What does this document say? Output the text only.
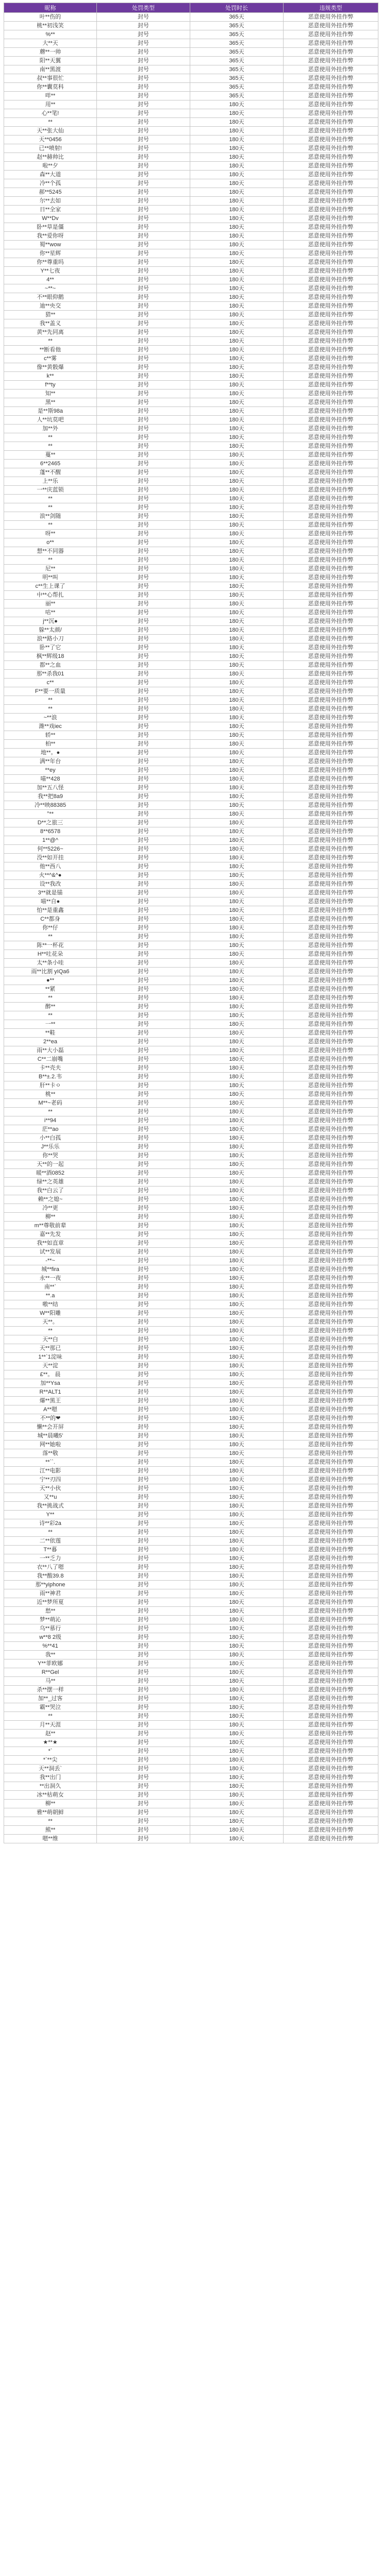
昵称	处罚类型	处罚时长	违规类型
叶**伤的	封号	365天	恶意使用外挂作弊
桃**初浅笑	封号	365天	恶意使用外挂作弊
%**	封号	365天	恶意使用外挂作弊
大**天	封号	365天	恶意使用外挂作弊
蘑**一帅	封号	365天	恶意使用外挂作弊
阳**天翼	封号	365天	恶意使用外挂作弊
南**黑渡	封号	365天	恶意使用外挂作弊
叔**事很忙	封号	365天	恶意使用外挂作弊
你**囊莫科	封号	365天	恶意使用外挂作弊
咩**	封号	365天	恶意使用外挂作弊
用**	封号	180天	恶意使用外挂作弊
心**笔!	封号	180天	恶意使用外挂作弊
**	封号	180天	恶意使用外挂作弊
天**张大仙	封号	180天	恶意使用外挂作弊
天**0456	封号	180天	恶意使用外挂作弊
已**喷射!	封号	180天	恶意使用外挂作弊
赵**赫帅比	封号	180天	恶意使用外挂作弊
啦**夕	封号	180天	恶意使用外挂作弊
森**大道	封号	180天	恶意使用外挂作弊
冷**个孤	封号	180天	恶意使用外挂作弊
郝**5245	封号	180天	恶意使用外挂作弊
尔**去如	封号	180天	恶意使用外挂作弊
日**全家	封号	180天	恶意使用外挂作弊
W**Dv	封号	180天	恶意使用外挂作弊
卧**草是僵	封号	180天	恶意使用外挂作弊
我**爱你呀	封号	180天	恶意使用外挂作弊
蜀**wow	封号	180天	恶意使用外挂作弊
你**星辉	封号	180天	恶意使用外挂作弊
你**尊重吗	封号	180天	恶意使用外挂作弊
Y**七夜	封号	180天	恶意使用外挂作弊
4**	封号	180天	恶意使用外挂作弊
~**~	封号	180天	恶意使用外挂作弊
不**眼仰鹅	封号	180天	恶意使用外挂作弊
迪**央交	封号	180天	恶意使用外挂作弊
猎**	封号	180天	恶意使用外挂作弊
我**盖义	封号	180天	恶意使用外挂作弊
黄**先同离	封号	180天	恶意使用外挂作弊
**	封号	180天	恶意使用外挂作弊
**断看他	封号	180天	恶意使用外挂作弊
c**雾	封号	180天	恶意使用外挂作弊
像**黄骰爆	封号	180天	恶意使用外挂作弊
k**	封号	180天	恶意使用外挂作弊
f**ty	封号	180天	恶意使用外挂作弊
知**	封号	180天	恶意使用外挂作弊
黑**	封号	180天	恶意使用外挂作弊
是**斯98a	封号	180天	恶意使用外挂作弊
人**坑莫吧	封号	180天	恶意使用外挂作弊
加**外	封号	180天	恶意使用外挂作弊
**	封号	180天	恶意使用外挂作弊
**	封号	180天	恶意使用外挂作弊
蔓**	封号	180天	恶意使用外挂作弊
6**2465	封号	180天	恶意使用外挂作弊
蓬**不醒	封号	180天	恶意使用外挂作弊
上**乐	封号	180天	恶意使用外挂作弊
一**庆蓝锁	封号	180天	恶意使用外挂作弊
**	封号	180天	恶意使用外挂作弊
**	封号	180天	恶意使用外挂作弊
浪**剑随	封号	180天	恶意使用外挂作弊
**	封号	180天	恶意使用外挂作弊
呀**	封号	180天	恶意使用外挂作弊
o**	封号	180天	恶意使用外挂作弊
想**不同器	封号	180天	恶意使用外挂作弊
**	封号	180天	恶意使用外挂作弊
尼**	封号	180天	恶意使用外挂作弊
明**叫	封号	180天	恶意使用外挂作弊
c**生上课了	封号	180天	恶意使用外挂作弊
中**心帮扎	封号	180天	恶意使用外挂作弊
丽**	封号	180天	恶意使用外挂作弊
咕**	封号	180天	恶意使用外挂作弊
j**沉●	封号	180天	恶意使用外挂作弊
躲**太颜/	封号	180天	恶意使用外挂作弊
浪**路小刀	封号	180天	恶意使用外挂作弊
卧**了它	封号	180天	恶意使用外挂作弊
枫**辉级18	封号	180天	恶意使用外挂作弊
都**之血	封号	180天	恶意使用外挂作弊
那**杀我01	封号	180天	恶意使用外挂作弊
c**	封号	180天	恶意使用外挂作弊
F**要一质量	封号	180天	恶意使用外挂作弊
**	封号	180天	恶意使用外挂作弊
**	封号	180天	恶意使用外挂作弊
~**浪	封号	180天	恶意使用外挂作弊
潍**戏iec	封号	180天	恶意使用外挂作弊
轿**	封号	180天	恶意使用外挂作弊
柏**	封号	180天	恶意使用外挂作弊
地**。●	封号	180天	恶意使用外挂作弊
满**年台	封号	180天	恶意使用外挂作弊
**ey	封号	180天	恶意使用外挂作弊
喵**428	封号	180天	恶意使用外挂作弊
加**五八怪	封号	180天	恶意使用外挂作弊
我**把8a9	封号	180天	恶意使用外挂作弊
冷**映88385	封号	180天	恶意使用外挂作弊
°**	封号	180天	恶意使用外挂作弊
D**之旅三	封号	180天	恶意使用外挂作弊
8**6578	封号	180天	恶意使用外挂作弊
1**@^	封号	180天	恶意使用外挂作弊
何**5226~	封号	180天	恶意使用外挂作弊
没**如开挂	封号	180天	恶意使用外挂作弊
他**西八	封号	180天	恶意使用外挂作弊
火**^&^●	封号	180天	恶意使用外挂作弊
设**我改	封号	180天	恶意使用外挂作弊
3**就是锚	封号	180天	恶意使用外挂作弊
喵**自●	封号	180天	恶意使用外挂作弊
怕**是重鑫	封号	180天	恶意使用外挂作弊
C**都身	封号	180天	恶意使用外挂作弊
你**仔	封号	180天	恶意使用外挂作弊
**	封号	180天	恶意使用外挂作弊
陈**一杯花	封号	180天	恶意使用外挂作弊
H**吐花朵	封号	180天	恶意使用外挂作弊
太**条小哇	封号	180天	恶意使用外挂作弊
雨**比割 yIQa6	封号	180天	恶意使用外挂作弊
●**	封号	180天	恶意使用外挂作弊
**紧	封号	180天	恶意使用外挂作弊
**	封号	180天	恶意使用外挂作弊
醉**	封号	180天	恶意使用外挂作弊
**	封号	180天	恶意使用外挂作弊
一**	封号	180天	恶意使用外挂作弊
**鞋	封号	180天	恶意使用外挂作弊
2**ea	封号	180天	恶意使用外挂作弊
雨**大小磊	封号	180天	恶意使用外挂作弊
C**二崩嘴	封号	180天	恶意使用外挂作弊
卡**壳夫	封号	180天	恶意使用外挂作弊
B**±.2.韦	封号	180天	恶意使用外挂作弊
肝**卡ㅇ	封号	180天	恶意使用外挂作弊
桃**	封号	180天	恶意使用外挂作弊
M**~老码	封号	180天	恶意使用外挂作弊
**	封号	180天	恶意使用外挂作弊
i**94	封号	180天	恶意使用外挂作弊
茫**ao	封号	180天	恶意使用外挂作弊
小**白孤	封号	180天	恶意使用外挂作弊
J**乐乐	封号	180天	恶意使用外挂作弊
你**哭	封号	180天	恶意使用外挂作弊
天**的一起	封号	180天	恶意使用外挂作弊
暖**酒0852	封号	180天	恶意使用外挂作弊
绿**之英雄	封号	180天	恶意使用外挂作弊
我**白云了	封号	180天	恶意使用外挂作弊
赖**之媳~	封号	180天	恶意使用外挂作弊
冷**更	封号	180天	恶意使用外挂作弊
柳**	封号	180天	恶意使用外挂作弊
m**尊敬前辈	封号	180天	恶意使用外挂作弊
嘉**先发	封号	180天	恶意使用外挂作弊
我**如直章	封号	180天	恶意使用外挂作弊
试**发展	封号	180天	恶意使用外挂作弊
-**~	封号	180天	恶意使用外挂作弊
城**fira	封号	180天	恶意使用外挂作弊
永**一夜	封号	180天	恶意使用外挂作弊
南**`	封号	180天	恶意使用外挂作弊
**.a	封号	180天	恶意使用外挂作弊
嗷**结	封号	180天	恶意使用外挂作弊
W**阳雕	封号	180天	恶意使用外挂作弊
天**。	封号	180天	恶意使用外挂作弊
**	封号	180天	恶意使用外挂作弊
天**白	封号	180天	恶意使用外挂作弊
天**那已	封号	180天	恶意使用外挂作弊
1**`1淀味	封号	180天	恶意使用外挂作弊
天**淀	封号	180天	恶意使用外挂作弊
£**。 晨	封号	180天	恶意使用外挂作弊
加**Ysa	封号	180天	恶意使用外挂作弊
R**ALT1	封号	180天	恶意使用外挂作弊
爆**黑王	封号	180天	恶意使用外挂作弊
A**嗯	封号	180天	恶意使用外挂作弊
不**的❤	封号	180天	恶意使用外挂作弊
懒**会开屏	封号	180天	恶意使用外挂作弊
城**晨曦5’	封号	180天	恶意使用外挂作弊
网**她啦	封号	180天	恶意使用外挂作弊
落**敬	封号	180天	恶意使用外挂作弊
**``.	封号	180天	恶意使用外挂作弊
江**电影	封号	180天	恶意使用外挂作弊
宁**刃四	封号	180天	恶意使用外挂作弊
天**小伙	封号	180天	恶意使用外挂作弊
又**u	封号	180天	恶意使用外挂作弊
我**挑战式	封号	180天	恶意使用外挂作弊
Y**	封号	180天	恶意使用外挂作弊
诗**彩2a	封号	180天	恶意使用外挂作弊
**	封号	180天	恶意使用外挂作弊
二**依莲	封号	180天	恶意使用外挂作弊
T**暮	封号	180天	恶意使用外挂作弊
一**乏力	封号	180天	恶意使用外挂作弊
衣**八了嗯	封号	180天	恶意使用外挂作弊
我**酸39.8	封号	180天	恶意使用外挂作弊
那**yiphone	封号	180天	恶意使用外挂作弊
雨**神君	封号	180天	恶意使用外挂作弊
近**梦所夏	封号	180天	恶意使用外挂作弊
愁**	封号	180天	恶意使用外挂作弊
梦**萌沁	封号	180天	恶意使用外挂作弊
乌**慕行	封号	180天	恶意使用外挂作弊
w**8 2级	封号	180天	恶意使用外挂作弊
%**41	封号	180天	恶意使用外挂作弊
我**	封号	180天	恶意使用外挂作弊
Y**菲欧娜	封号	180天	恶意使用外挂作弊
R**Gel	封号	180天	恶意使用外挂作弊
马**	封号	180天	恶意使用外挂作弊
杀**摆一样	封号	180天	恶意使用外挂作弊
加**_过客	封号	180天	恶意使用外挂作弊
霸**哭泣	封号	180天	恶意使用外挂作弊
**	封号	180天	恶意使用外挂作弊
月**天涯	封号	180天	恶意使用外挂作弊
赵**	封号	180天	恶意使用外挂作弊
★**★	封号	180天	恶意使用外挂作弊
*`	封号	180天	恶意使用外挂作弊
*`**尖	封号	180天	恶意使用外挂作弊
天**洞丢`	封号	180天	恶意使用外挂作弊
我**出门	封号	180天	恶意使用外挂作弊
**出洞久	封号	180天	恶意使用外挂作弊
冰**枯萌女	封号	180天	恶意使用外挂作弊
柳**	封号	180天	恶意使用外挂作弊
雅**萌朝鲜	封号	180天	恶意使用外挂作弊
**	封号	180天	恶意使用外挂作弊
熊**	封号	180天	恶意使用外挂作弊
嗯**维	封号	180天	恶意使用外挂作弊
